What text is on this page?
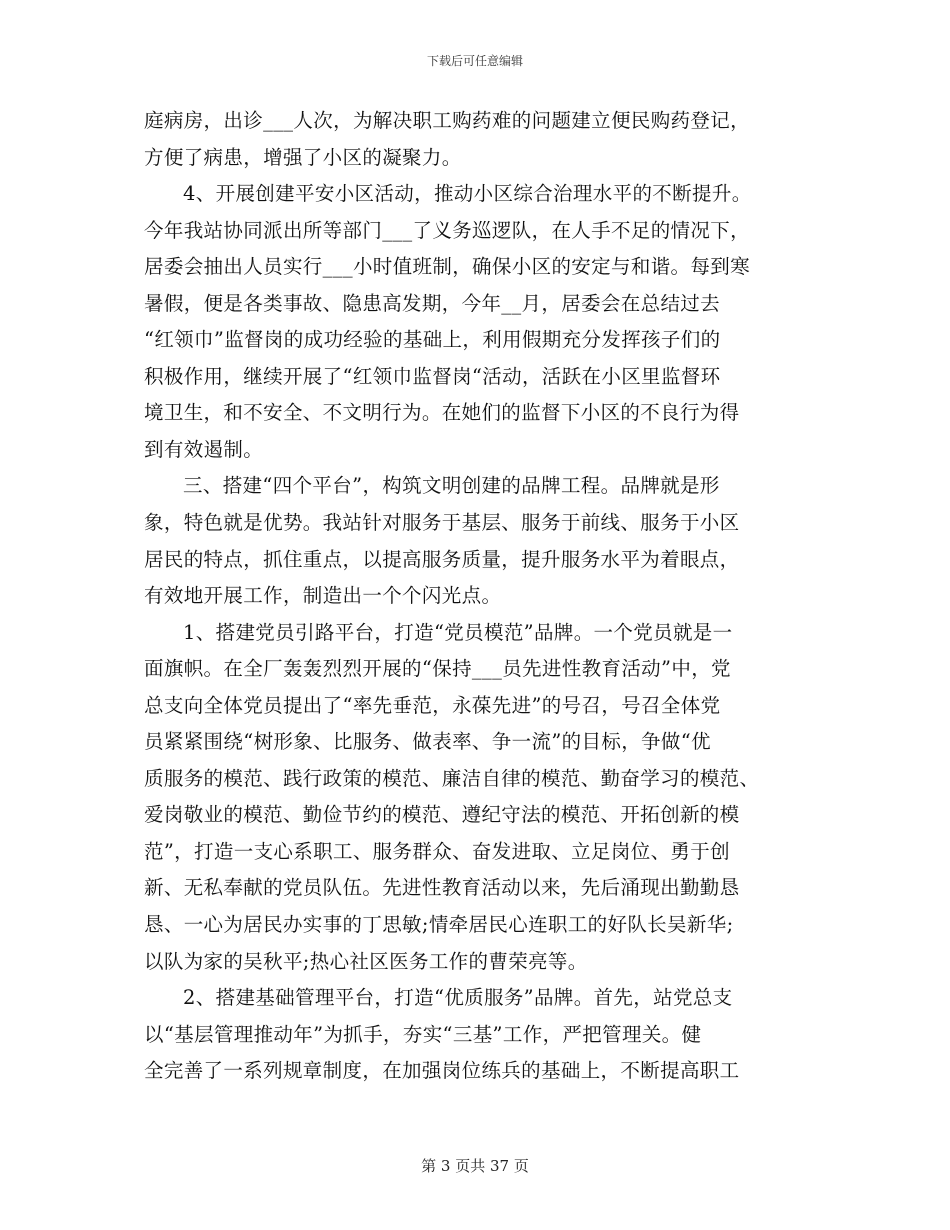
下载后可任意编辑
庭病房，出诊___人次，为解决职工购药难的问题建立便民购药登记，
方便了病患，增强了小区的凝聚力。
4、开展创建平安小区活动，推动小区综合治理水平的不断提升。
今年我站协同派出所等部门___了义务巡逻队，在人手不足的情况下，
居委会抽出人员实行___小时值班制，确保小区的安定与和谐。每到寒
暑假，便是各类事故、隐患高发期，今年__月，居委会在总结过去
“红领巾”监督岗的成功经验的基础上，利用假期充分发挥孩子们的
积极作用，继续开展了“红领巾监督岗“活动，活跃在小区里监督环
境卫生，和不安全、不文明行为。在她们的监督下小区的不良行为得
到有效遏制。
三、搭建“四个平台”，构筑文明创建的品牌工程。品牌就是形
象，特色就是优势。我站针对服务于基层、服务于前线、服务于小区
居民的特点，抓住重点，以提高服务质量，提升服务水平为着眼点，
有效地开展工作，制造出一个个闪光点。
1、搭建党员引路平台，打造“党员模范”品牌。一个党员就是一
面旗帜。在全厂轰轰烈烈开展的“保持___员先进性教育活动”中，党
总支向全体党员提出了“率先垂范，永葆先进”的号召，号召全体党
员紧紧围绕“树形象、比服务、做表率、争一流”的目标，争做“优
质服务的模范、践行政策的模范、廉洁自律的模范、勤奋学习的模范、
爱岗敬业的模范、勤俭节约的模范、遵纪守法的模范、开拓创新的模
范”，打造一支心系职工、服务群众、奋发进取、立足岗位、勇于创
新、无私奉献的党员队伍。先进性教育活动以来，先后涌现出勤勤恳
恳、一心为居民办实事的丁思敏;情牵居民心连职工的好队长吴新华;
以队为家的吴秋平;热心社区医务工作的曹荣亮等。
2、搭建基础管理平台，打造“优质服务”品牌。首先，站党总支
以“基层管理推动年”为抓手，夯实“三基”工作，严把管理关。健
全完善了一系列规章制度，在加强岗位练兵的基础上，不断提高职工
第 3 页共 37 页
